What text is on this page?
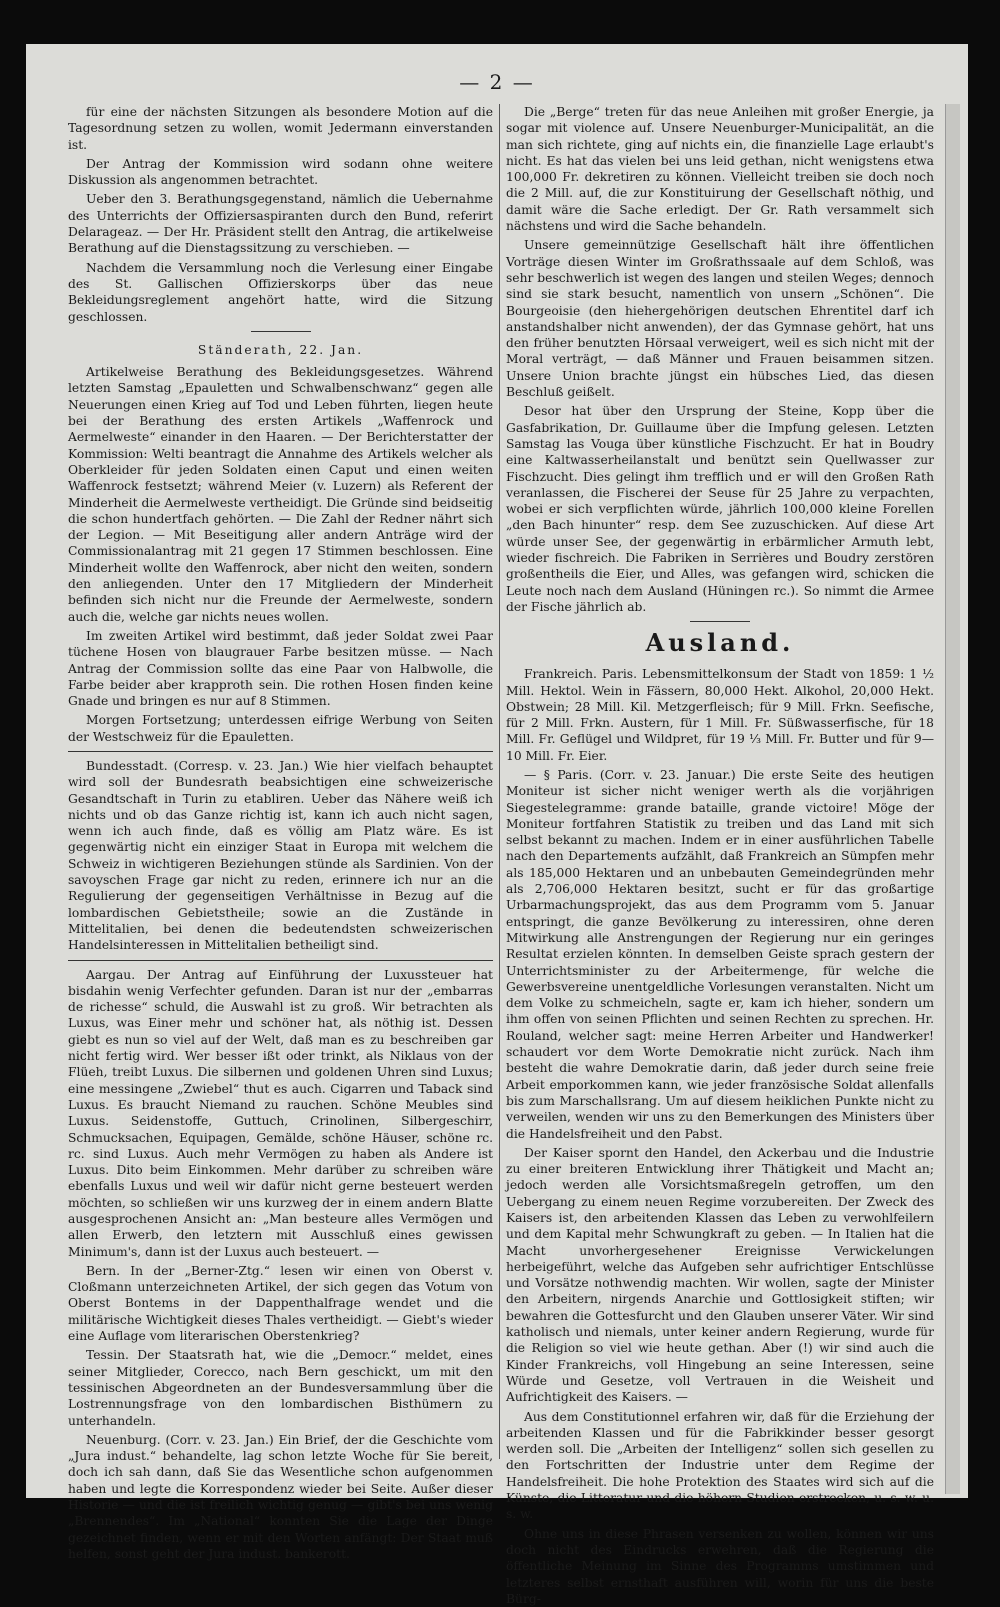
— 2 —

für eine der nächsten Sitzungen als besondere Motion auf die Tagesordnung setzen zu wollen, womit Jedermann einverstanden ist.

Der Antrag der Kommission wird sodann ohne weitere Diskussion als angenommen betrachtet.

Ueber den 3. Berathungsgegenstand, nämlich die Uebernahme des Unterrichts der Offiziersaspiranten durch den Bund, referirt Delarageaz. — Der Hr. Präsident stellt den Antrag, die artikelweise Berathung auf die Dienstagssitzung zu verschieben. —

Nachdem die Versammlung noch die Verlesung einer Eingabe des St. Gallischen Offizierskorps über das neue Bekleidungsreglement angehört hatte, wird die Sitzung geschlossen.

Ständerath, 22. Jan.

Artikelweise Berathung des Bekleidungsgesetzes. Während letzten Samstag „Epauletten und Schwalbenschwanz“ gegen alle Neuerungen einen Krieg auf Tod und Leben führten, liegen heute bei der Berathung des ersten Artikels „Waffenrock und Aermelweste“ einander in den Haaren. — Der Berichterstatter der Kommission: Welti beantragt die Annahme des Artikels welcher als Oberkleider für jeden Soldaten einen Caput und einen weiten Waffenrock festsetzt; während Meier (v. Luzern) als Referent der Minderheit die Aermelweste vertheidigt. Die Gründe sind beidseitig die schon hundertfach gehörten. — Die Zahl der Redner nährt sich der Legion. — Mit Beseitigung aller andern Anträge wird der Commissionalantrag mit 21 gegen 17 Stimmen beschlossen. Eine Minderheit wollte den Waffenrock, aber nicht den weiten, sondern den anliegenden. Unter den 17 Mitgliedern der Minderheit befinden sich nicht nur die Freunde der Aermelweste, sondern auch die, welche gar nichts neues wollen.

Im zweiten Artikel wird bestimmt, daß jeder Soldat zwei Paar tüchene Hosen von blaugrauer Farbe besitzen müsse. — Nach Antrag der Commission sollte das eine Paar von Halbwolle, die Farbe beider aber krapproth sein. Die rothen Hosen finden keine Gnade und bringen es nur auf 8 Stimmen.

Morgen Fortsetzung; unterdessen eifrige Werbung von Seiten der Westschweiz für die Epauletten.

Bundesstadt. (Corresp. v. 23. Jan.) Wie hier vielfach behauptet wird soll der Bundesrath beabsichtigen eine schweizerische Gesandtschaft in Turin zu etabliren. Ueber das Nähere weiß ich nichts und ob das Ganze richtig ist, kann ich auch nicht sagen, wenn ich auch finde, daß es völlig am Platz wäre. Es ist gegenwärtig nicht ein einziger Staat in Europa mit welchem die Schweiz in wichtigeren Beziehungen stünde als Sardinien. Von der savoyschen Frage gar nicht zu reden, erinnere ich nur an die Regulierung der gegenseitigen Verhältnisse in Bezug auf die lombardischen Gebietstheile; sowie an die Zustände in Mittelitalien, bei denen die bedeutendsten schweizerischen Handelsinteressen in Mittelitalien betheiligt sind.

Aargau. Der Antrag auf Einführung der Luxussteuer hat bisdahin wenig Verfechter gefunden. Daran ist nur der „embarras de richesse“ schuld, die Auswahl ist zu groß. Wir betrachten als Luxus, was Einer mehr und schöner hat, als nöthig ist. Dessen giebt es nun so viel auf der Welt, daß man es zu beschreiben gar nicht fertig wird. Wer besser ißt oder trinkt, als Niklaus von der Flüeh, treibt Luxus. Die silbernen und goldenen Uhren sind Luxus; eine messingene „Zwiebel“ thut es auch. Cigarren und Taback sind Luxus. Es braucht Niemand zu rauchen. Schöne Meubles sind Luxus. Seidenstoffe, Guttuch, Crinolinen, Silbergeschirr, Schmucksachen, Equipagen, Gemälde, schöne Häuser, schöne rc. rc. sind Luxus. Auch mehr Vermögen zu haben als Andere ist Luxus. Dito beim Einkommen. Mehr darüber zu schreiben wäre ebenfalls Luxus und weil wir dafür nicht gerne besteuert werden möchten, so schließen wir uns kurzweg der in einem andern Blatte ausgesprochenen Ansicht an: „Man besteure alles Vermögen und allen Erwerb, den letztern mit Ausschluß eines gewissen Minimum's, dann ist der Luxus auch besteuert. —

Bern. In der „Berner-Ztg.“ lesen wir einen von Oberst v. Cloßmann unterzeichneten Artikel, der sich gegen das Votum von Oberst Bontems in der Dappenthalfrage wendet und die militärische Wichtigkeit dieses Thales vertheidigt. — Giebt's wieder eine Auflage vom literarischen Oberstenkrieg?

Tessin. Der Staatsrath hat, wie die „Democr.“ meldet, eines seiner Mitglieder, Corecco, nach Bern geschickt, um mit den tessinischen Abgeordneten an der Bundesversammlung über die Lostrennungsfrage von den lombardischen Bisthümern zu unterhandeln.

Neuenburg. (Corr. v. 23. Jan.) Ein Brief, der die Geschichte vom „Jura indust.“ behandelte, lag schon letzte Woche für Sie bereit, doch ich sah dann, daß Sie das Wesentliche schon aufgenommen haben und legte die Korrespondenz wieder bei Seite. Außer dieser Historie — und die ist freilich wichtig genug — gibt's bei uns wenig „Brennendes“. Im „National“ konnten Sie die Lage der Dinge gezeichnet finden, wenn er mit den Worten anfängt: Der Staat muß helfen, sonst geht der Jura indust. bankerott.

Die „Berge“ treten für das neue Anleihen mit großer Energie, ja sogar mit violence auf. Unsere Neuenburger-Municipalität, an die man sich richtete, ging auf nichts ein, die finanzielle Lage erlaubt's nicht. Es hat das vielen bei uns leid gethan, nicht wenigstens etwa 100,000 Fr. dekretiren zu können. Vielleicht treiben sie doch noch die 2 Mill. auf, die zur Konstituirung der Gesellschaft nöthig, und damit wäre die Sache erledigt. Der Gr. Rath versammelt sich nächstens und wird die Sache behandeln.

Unsere gemeinnützige Gesellschaft hält ihre öffentlichen Vorträge diesen Winter im Großrathssaale auf dem Schloß, was sehr beschwerlich ist wegen des langen und steilen Weges; dennoch sind sie stark besucht, namentlich von unsern „Schönen“. Die Bourgeoisie (den hiehergehörigen deutschen Ehrentitel darf ich anstandshalber nicht anwenden), der das Gymnase gehört, hat uns den früher benutzten Hörsaal verweigert, weil es sich nicht mit der Moral verträgt, — daß Männer und Frauen beisammen sitzen. Unsere Union brachte jüngst ein hübsches Lied, das diesen Beschluß geißelt.

Desor hat über den Ursprung der Steine, Kopp über die Gasfabrikation, Dr. Guillaume über die Impfung gelesen. Letzten Samstag las Vouga über künstliche Fischzucht. Er hat in Boudry eine Kaltwasserheilanstalt und benützt sein Quellwasser zur Fischzucht. Dies gelingt ihm trefflich und er will den Großen Rath veranlassen, die Fischerei der Seuse für 25 Jahre zu verpachten, wobei er sich verpflichten würde, jährlich 100,000 kleine Forellen „den Bach hinunter“ resp. dem See zuzuschicken. Auf diese Art würde unser See, der gegenwärtig in erbärmlicher Armuth lebt, wieder fischreich. Die Fabriken in Serrières und Boudry zerstören großentheils die Eier, und Alles, was gefangen wird, schicken die Leute noch nach dem Ausland (Hüningen rc.). So nimmt die Armee der Fische jährlich ab.

Ausland.

Frankreich. Paris. Lebensmittelkonsum der Stadt von 1859: 1 ½ Mill. Hektol. Wein in Fässern, 80,000 Hekt. Alkohol, 20,000 Hekt. Obstwein; 28 Mill. Kil. Metzgerfleisch; für 9 Mill. Frkn. Seefische, für 2 Mill. Frkn. Austern, für 1 Mill. Fr. Süßwasserfische, für 18 Mill. Fr. Geflügel und Wildpret, für 19 ⅓ Mill. Fr. Butter und für 9—10 Mill. Fr. Eier.

— § Paris. (Corr. v. 23. Januar.) Die erste Seite des heutigen Moniteur ist sicher nicht weniger werth als die vorjährigen Siegestelegramme: grande bataille, grande victoire! Möge der Moniteur fortfahren Statistik zu treiben und das Land mit sich selbst bekannt zu machen. Indem er in einer ausführlichen Tabelle nach den Departements aufzählt, daß Frankreich an Sümpfen mehr als 185,000 Hektaren und an unbebauten Gemeindegründen mehr als 2,706,000 Hektaren besitzt, sucht er für das großartige Urbarmachungsprojekt, das aus dem Programm vom 5. Januar entspringt, die ganze Bevölkerung zu interessiren, ohne deren Mitwirkung alle Anstrengungen der Regierung nur ein geringes Resultat erzielen könnten. In demselben Geiste sprach gestern der Unterrichtsminister zu der Arbeitermenge, für welche die Gewerbsvereine unentgeldliche Vorlesungen veranstalten. Nicht um dem Volke zu schmeicheln, sagte er, kam ich hieher, sondern um ihm offen von seinen Pflichten und seinen Rechten zu sprechen. Hr. Rouland, welcher sagt: meine Herren Arbeiter und Handwerker! schaudert vor dem Worte Demokratie nicht zurück. Nach ihm besteht die wahre Demokratie darin, daß jeder durch seine freie Arbeit emporkommen kann, wie jeder französische Soldat allenfalls bis zum Marschallsrang. Um auf diesem heiklichen Punkte nicht zu verweilen, wenden wir uns zu den Bemerkungen des Ministers über die Handelsfreiheit und den Pabst.

Der Kaiser spornt den Handel, den Ackerbau und die Industrie zu einer breiteren Entwicklung ihrer Thätigkeit und Macht an; jedoch werden alle Vorsichtsmaßregeln getroffen, um den Uebergang zu einem neuen Regime vorzubereiten. Der Zweck des Kaisers ist, den arbeitenden Klassen das Leben zu verwohlfeilern und dem Kapital mehr Schwungkraft zu geben. — In Italien hat die Macht unvorhergesehener Ereignisse Verwickelungen herbeigeführt, welche das Aufgeben sehr aufrichtiger Entschlüsse und Vorsätze nothwendig machten. Wir wollen, sagte der Minister den Arbeitern, nirgends Anarchie und Gottlosigkeit stiften; wir bewahren die Gottesfurcht und den Glauben unserer Väter. Wir sind katholisch und niemals, unter keiner andern Regierung, wurde für die Religion so viel wie heute gethan. Aber (!) wir sind auch die Kinder Frankreichs, voll Hingebung an seine Interessen, seine Würde und Gesetze, voll Vertrauen in die Weisheit und Aufrichtigkeit des Kaisers. —

Aus dem Constitutionnel erfahren wir, daß für die Erziehung der arbeitenden Klassen und für die Fabrikkinder besser gesorgt werden soll. Die „Arbeiten der Intelligenz“ sollen sich gesellen zu den Fortschritten der Industrie unter dem Regime der Handelsfreiheit. Die hohe Protektion des Staates wird sich auf die Künste, die Litteratur und die höhern Studien erstrecken, u. s. w. u. s. w.

Ohne uns in diese Phrasen versenken zu wollen, können wir uns doch nicht des Eindrucks erwehren, daß die Regierung die öffentliche Meinung im Sinne des Programms umstimmen und letzteres selbst ernsthaft ausführen will, worin für uns die beste Bürg-
